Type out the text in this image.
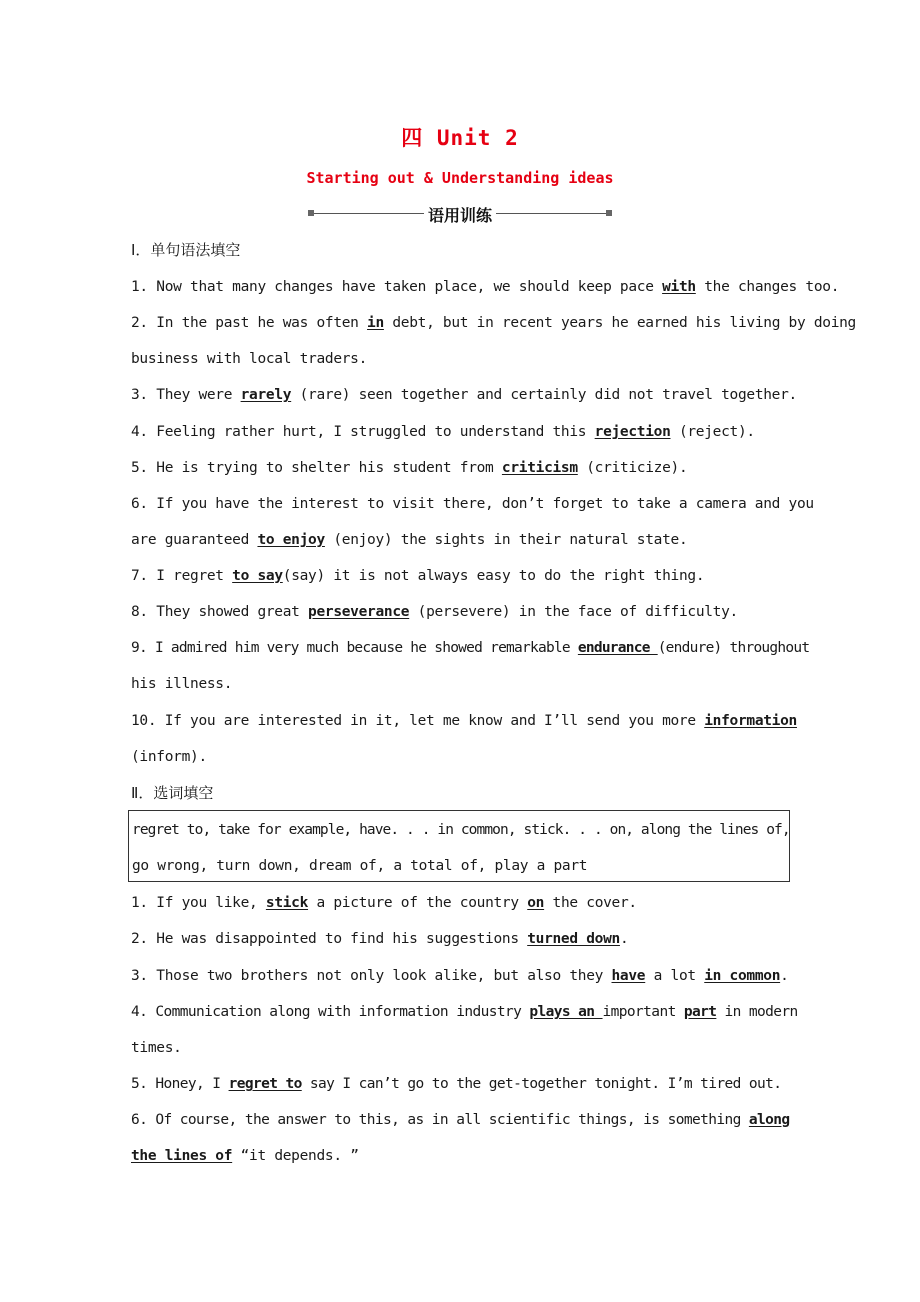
四 Unit 2
Starting out & Understanding ideas
语用训练
Ⅰ．单句语法填空
1. Now that many changes have taken place, we should keep pace with the changes too.
2. In the past he was often in debt, but in recent years he earned his living by doing
business with local traders.
3. They were rarely (rare) seen together and certainly did not travel together.
4. Feeling rather hurt, I struggled to understand this rejection (reject).
5. He is trying to shelter his student from criticism (criticize).
6. If you have the interest to visit there, don’t forget to take a camera and you
are guaranteed to enjoy (enjoy) the sights in their natural state.
7. I regret to say(say) it is not always easy to do the right thing.
8. They showed great perseverance (persevere) in the face of difficulty.
9. I admired him very much because he showed remarkable endurance (endure) throughout
his illness.
10. If you are interested in it, let me know and I’ll send you more information
(inform).
Ⅱ．选词填空
regret to, take for example, have. . . in common, stick. . . on, along the lines of,
go wrong, turn down, dream of, a total of, play a part
1. If you like, stick a picture of the country on the cover.
2. He was disappointed to find his suggestions turned down.
3. Those two brothers not only look alike, but also they have a lot in common.
4. Communication along with information industry plays an important part in modern
times.
5. Honey, I regret to say I can’t go to the get-together tonight. I’m tired out.
6. Of course, the answer to this, as in all scientific things, is something along
the lines of “it depends. ”
